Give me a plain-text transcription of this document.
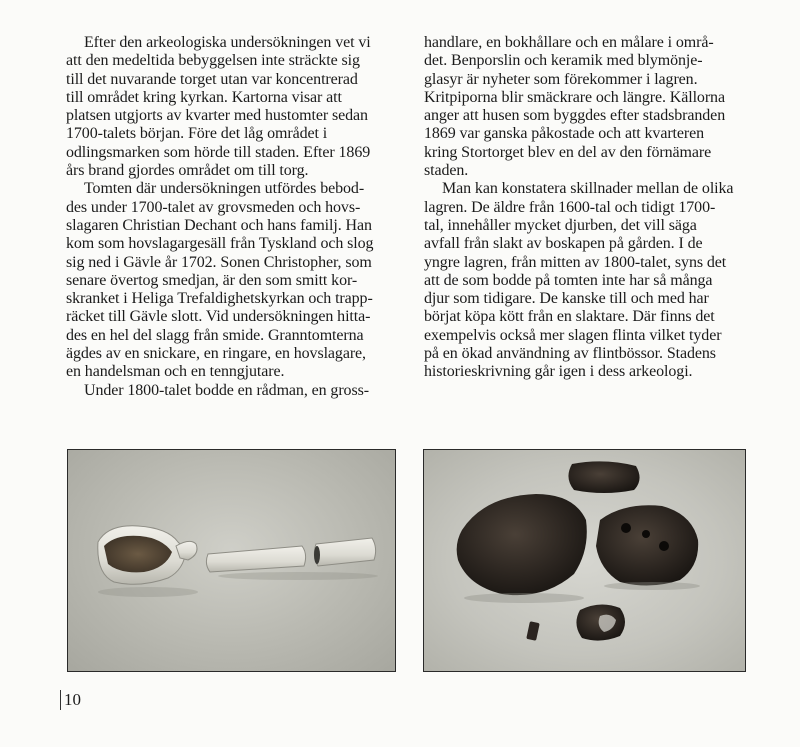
Efter den arkeologiska undersökningen vet vi
att den medeltida bebyggelsen inte sträckte sig
till det nuvarande torget utan var koncentrerad
till området kring kyrkan. Kartorna visar att
platsen utgjorts av kvarter med hustomter sedan
1700-talets början. Före det låg området i
odlingsmarken som hörde till staden. Efter 1869
års brand gjordes området om till torg.
Tomten där undersökningen utfördes bebod-
des under 1700-talet av grovsmeden och hovs-
slagaren Christian Dechant och hans familj. Han
kom som hovslagargesäll från Tyskland och slog
sig ned i Gävle år 1702. Sonen Christopher, som
senare övertog smedjan, är den som smitt kor-
skranket i Heliga Trefaldighetskyrkan och trapp-
räcket till Gävle slott. Vid undersökningen hitta-
des en hel del slagg från smide. Granntomterna
ägdes av en snickare, en ringare, en hovslagare,
en handelsman och en tenngjutare.
Under 1800-talet bodde en rådman, en gross-
handlare, en bokhållare och en målare i områ-
det. Benporslin och keramik med blymönje-
glasyr är nyheter som förekommer i lagren.
Kritpiporna blir smäckrare och längre. Källorna
anger att husen som byggdes efter stadsbranden
1869 var ganska påkostade och att kvarteren
kring Stortorget blev en del av den förnämare
staden.
Man kan konstatera skillnader mellan de olika
lagren. De äldre från 1600-tal och tidigt 1700-
tal, innehåller mycket djurben, det vill säga
avfall från slakt av boskapen på gården. I de
yngre lagren, från mitten av 1800-talet, syns det
att de som bodde på tomten inte har så många
djur som tidigare. De kanske till och med har
börjat köpa kött från en slaktare. Där finns det
exempelvis också mer slagen flinta vilket tyder
på en ökad användning av flintbössor. Stadens
historieskrivning går igen i dess arkeologi.
10
